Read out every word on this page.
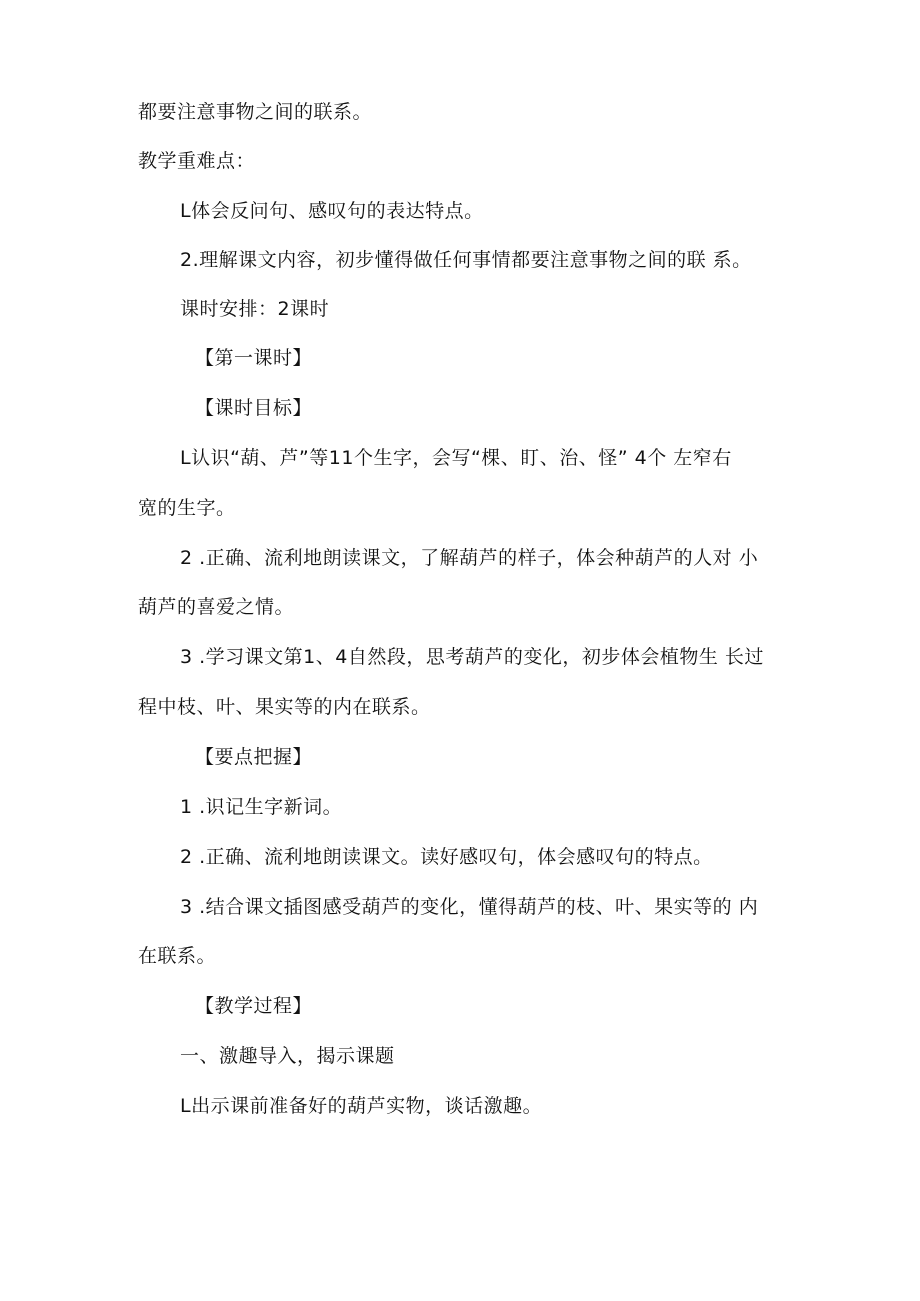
都要注意事物之间的联系。
教学重难点：
L体会反问句、感叹句的表达特点。
2.理解课文内容，初步懂得做任何事情都要注意事物之间的联 系。
课时安排：2课时
【第一课时】
【课时目标】
L认识“葫、芦”等11个生字，会写“棵、盯、治、怪” 4个 左窄右
宽的生字。
2 .正确、流利地朗读课文，了解葫芦的样子，体会种葫芦的人对 小
葫芦的喜爱之情。
3 .学习课文第1、4自然段，思考葫芦的变化，初步体会植物生 长过
程中枝、叶、果实等的内在联系。
【要点把握】
1 .识记生字新词。
2 .正确、流利地朗读课文。读好感叹句，体会感叹句的特点。
3 .结合课文插图感受葫芦的变化，懂得葫芦的枝、叶、果实等的 内
在联系。
【教学过程】
一、激趣导入，揭示课题
L出示课前准备好的葫芦实物，谈话激趣。
